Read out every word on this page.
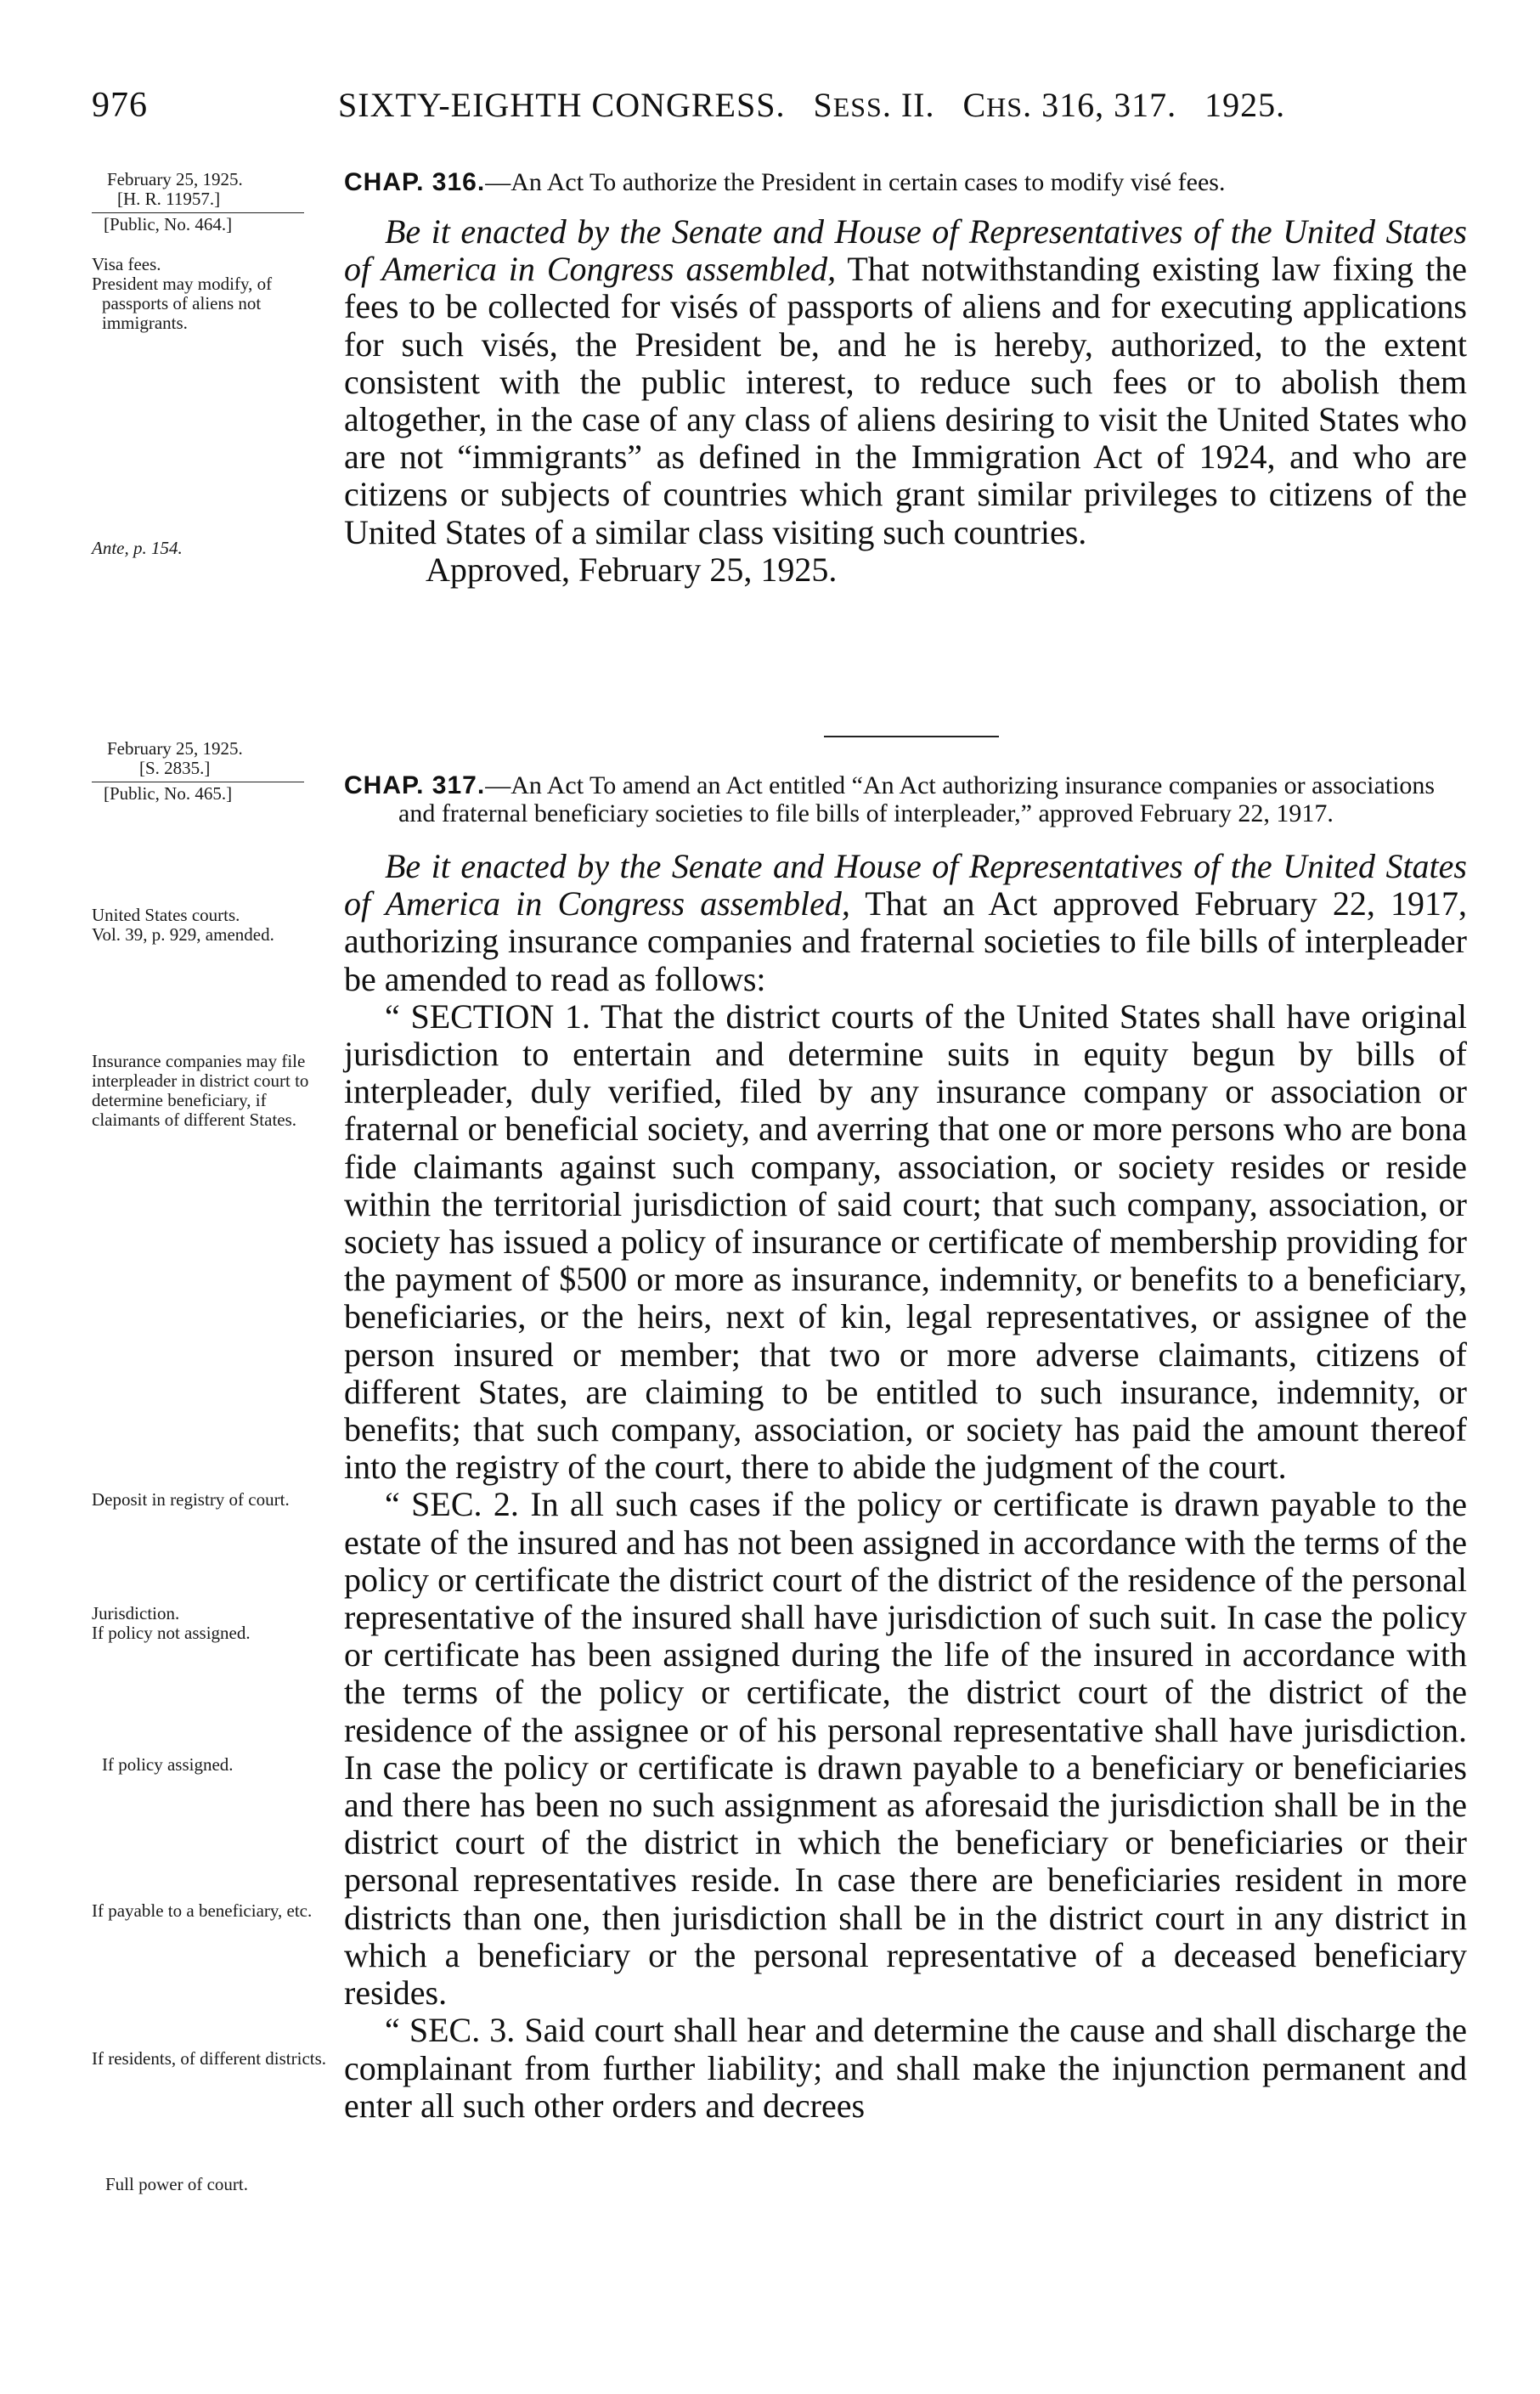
976	SIXTY-EIGHTH CONGRESS. SESS. II. CHS. 316, 317. 1925.
February 25, 1925.
[H. R. 11957.]
[Public, No. 464.]
Visa fees.
President may modify, of passports of aliens not immigrants.
Ante, p. 154.

CHAP. 316.—An Act To authorize the President in certain cases to modify visé fees.

Be it enacted by the Senate and House of Representatives of the United States of America in Congress assembled, That notwithstanding existing law fixing the fees to be collected for visés of passports of aliens and for executing applications for such visés, the President be, and he is hereby, authorized, to the extent consistent with the public interest, to reduce such fees or to abolish them altogether, in the case of any class of aliens desiring to visit the United States who are not “immigrants” as defined in the Immigration Act of 1924, and who are citizens or subjects of countries which grant similar privileges to citizens of the United States of a similar class visiting such countries.
Approved, February 25, 1925.
February 25, 1925.
[S. 2835.]
[Public, No. 465.]
United States courts.
Vol. 39, p. 929, amended.
Insurance companies may file interpleader in district court to determine beneficiary, if claimants of different States.
Deposit in registry of court.
Jurisdiction.
If policy not assigned.
If policy assigned.
If payable to a beneficiary, etc.
If residents, of different districts.
Full power of court.

CHAP. 317.—An Act To amend an Act entitled “An Act authorizing insurance companies or associations and fraternal beneficiary societies to file bills of interpleader,” approved February 22, 1917.

Be it enacted by the Senate and House of Representatives of the United States of America in Congress assembled, That an Act approved February 22, 1917, authorizing insurance companies and fraternal societies to file bills of interpleader be amended to read as follows:
“ SECTION 1. That the district courts of the United States shall have original jurisdiction to entertain and determine suits in equity begun by bills of interpleader, duly verified, filed by any insurance company or association or fraternal or beneficial society, and averring that one or more persons who are bona fide claimants against such company, association, or society resides or reside within the territorial jurisdiction of said court; that such company, association, or society has issued a policy of insurance or certificate of membership providing for the payment of $500 or more as insurance, indemnity, or benefits to a beneficiary, beneficiaries, or the heirs, next of kin, legal representatives, or assignee of the person insured or member; that two or more adverse claimants, citizens of different States, are claiming to be entitled to such insurance, indemnity, or benefits; that such company, association, or society has paid the amount thereof into the registry of the court, there to abide the judgment of the court.
“ SEC. 2. In all such cases if the policy or certificate is drawn payable to the estate of the insured and has not been assigned in accordance with the terms of the policy or certificate the district court of the district of the residence of the personal representative of the insured shall have jurisdiction of such suit. In case the policy or certificate has been assigned during the life of the insured in accordance with the terms of the policy or certificate, the district court of the district of the residence of the assignee or of his personal representative shall have jurisdiction. In case the policy or certificate is drawn payable to a beneficiary or beneficiaries and there has been no such assignment as aforesaid the jurisdiction shall be in the district court of the district in which the beneficiary or beneficiaries or their personal representatives reside. In case there are beneficiaries resident in more districts than one, then jurisdiction shall be in the district court in any district in which a beneficiary or the personal representative of a deceased beneficiary resides.
“ SEC. 3. Said court shall hear and determine the cause and shall discharge the complainant from further liability; and shall make the injunction permanent and enter all such other orders and decrees
